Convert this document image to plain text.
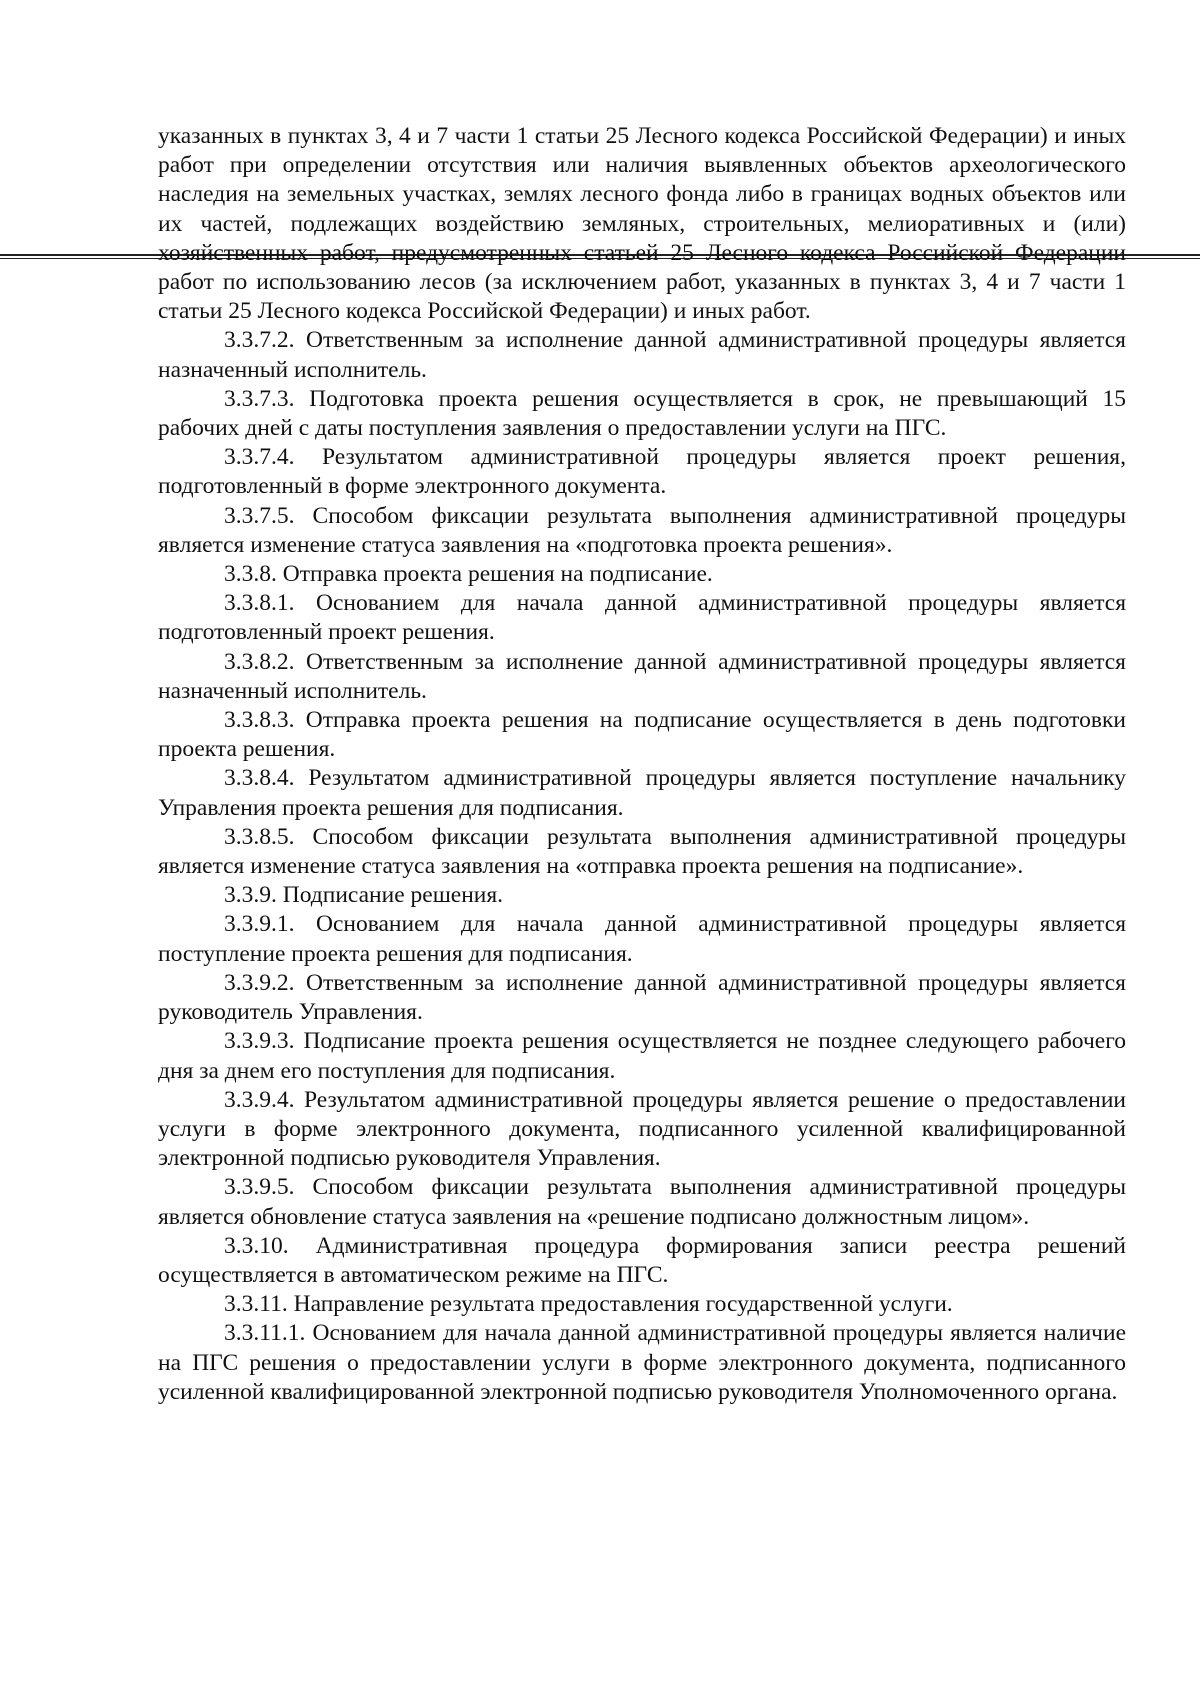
указанных в пунктах 3, 4 и 7 части 1 статьи 25 Лесного кодекса Российской Федерации) и иных работ при определении отсутствия или наличия выявленных объектов археологического наследия на земельных участках, землях лесного фонда либо в границах водных объектов или их частей, подлежащих воздействию земляных, строительных, мелиоративных и (или) хозяйственных работ, предусмотренных статьей 25 Лесного кодекса Российской Федерации работ по использованию лесов (за исключением работ, указанных в пунктах 3, 4 и 7 части 1 статьи 25 Лесного кодекса Российской Федерации) и иных работ.

3.3.7.2. Ответственным за исполнение данной административной процедуры является назначенный исполнитель.

3.3.7.3. Подготовка проекта решения осуществляется в срок, не превышающий 15 рабочих дней с даты поступления заявления о предоставлении услуги на ПГС.

3.3.7.4. Результатом административной процедуры является проект решения, подготовленный в форме электронного документа.

3.3.7.5. Способом фиксации результата выполнения административной процедуры является изменение статуса заявления на «подготовка проекта решения».

3.3.8. Отправка проекта решения на подписание.

3.3.8.1. Основанием для начала данной административной процедуры является подготовленный проект решения.

3.3.8.2. Ответственным за исполнение данной административной процедуры является назначенный исполнитель.

3.3.8.3. Отправка проекта решения на подписание осуществляется в день подготовки проекта решения.

3.3.8.4. Результатом административной процедуры является поступление начальнику Управления проекта решения для подписания.

3.3.8.5. Способом фиксации результата выполнения административной процедуры является изменение статуса заявления на «отправка проекта решения на подписание».

3.3.9. Подписание решения.

3.3.9.1. Основанием для начала данной административной процедуры является поступление проекта решения для подписания.

3.3.9.2. Ответственным за исполнение данной административной процедуры является руководитель Управления.

3.3.9.3. Подписание проекта решения осуществляется не позднее следующего рабочего дня за днем его поступления для подписания.

3.3.9.4. Результатом административной процедуры является решение о предоставлении услуги в форме электронного документа, подписанного усиленной квалифицированной электронной подписью руководителя Управления.

3.3.9.5. Способом фиксации результата выполнения административной процедуры является обновление статуса заявления на «решение подписано должностным лицом».

3.3.10. Административная процедура формирования записи реестра решений осуществляется в автоматическом режиме на ПГС.

3.3.11. Направление результата предоставления государственной услуги.

3.3.11.1. Основанием для начала данной административной процедуры является наличие на ПГС решения о предоставлении услуги в форме электронного документа, подписанного усиленной квалифицированной электронной подписью руководителя Уполномоченного органа.
